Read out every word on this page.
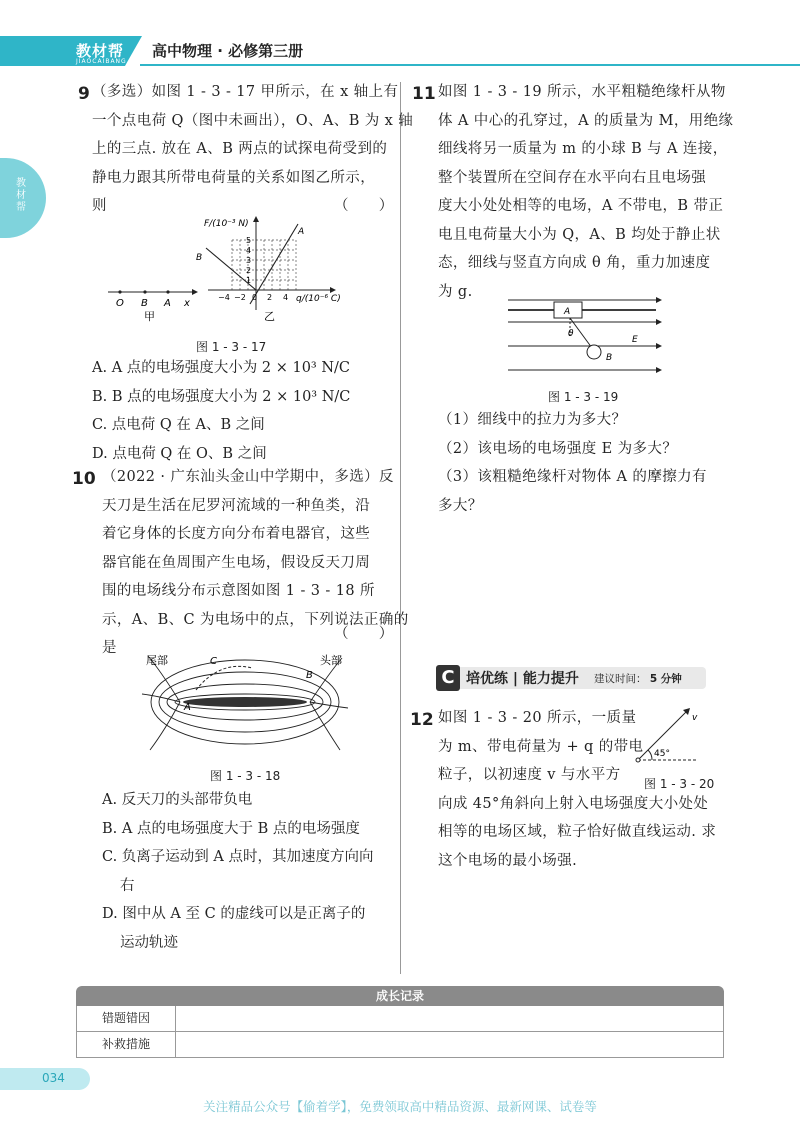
教材帮
JIAOCAIBANG
高中物理 · 必修第三册
教材帮
9 （多选）如图 1 - 3 - 17 甲所示，在 x 轴上有
一个点电荷 Q（图中未画出），O、A、B 为 x 轴
上的三点. 放在 A、B 两点的试探电荷受到的
静电力跟其所带电荷量的关系如图乙所示，
则	（　　）
O B A x
甲
F/(10⁻³ N)
q/(10⁻⁶ C)
5
4
3
2
1
−4 −2 0 2 4
A
B
乙
图 1 - 3 - 17
A. A 点的电场强度大小为 2 × 10³ N/C
B. B 点的电场强度大小为 2 × 10³ N/C
C. 点电荷 Q 在 A、B 之间
D. 点电荷 Q 在 O、B 之间
10 （2022 · 广东汕头金山中学期中，多选）反
天刀是生活在尼罗河流域的一种鱼类，沿
着它身体的长度方向分布着电器官，这些
器官能在鱼周围产生电场，假设反天刀周
围的电场线分布示意图如图 1 - 3 - 18 所
示，A、B、C 为电场中的点，下列说法正确的
是
（　　）
尾部	头部
A
B
C
图 1 - 3 - 18
A. 反天刀的头部带负电
B. A 点的电场强度大于 B 点的电场强度
C. 负离子运动到 A 点时，其加速度方向向
右
D. 图中从 A 至 C 的虚线可以是正离子的
运动轨迹
11 如图 1 - 3 - 19 所示，水平粗糙绝缘杆从物
体 A 中心的孔穿过，A 的质量为 M，用绝缘
细线将另一质量为 m 的小球 B 与 A 连接，
整个装置所在空间存在水平向右且电场强
度大小处处相等的电场，A 不带电，B 带正
电且电荷量大小为 Q，A、B 均处于静止状
态，细线与竖直方向成 θ 角，重力加速度
为 g.
A
B
E
θ
图 1 - 3 - 19
（1）细线中的拉力为多大？
（2）该电场的电场强度 E 为多大？
（3）该粗糙绝缘杆对物体 A 的摩擦力有
多大？
C 培优练 | 能力提升 建议时间： 5 分钟
12 如图 1 - 3 - 20 所示，一质量
为 m、带电荷量为 + q 的带电
粒子，以初速度 v 与水平方
向成 45°角斜向上射入电场强度大小处处
相等的电场区域，粒子恰好做直线运动. 求
这个电场的最小场强.
v
45°
图 1 - 3 - 20
成长记录
错题错因
补救措施
034
关注精品公众号【偷着学】，免费领取高中精品资源、最新网课、试卷等
